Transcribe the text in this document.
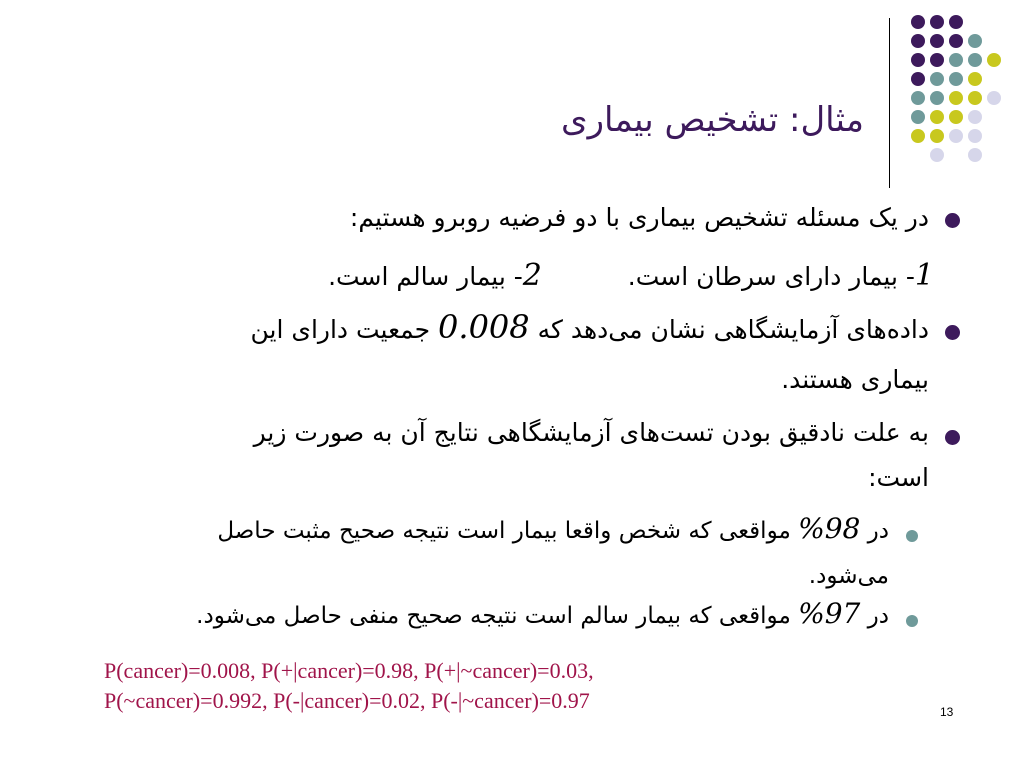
مثال: تشخیص بیماری
در یک مسئله تشخیص بیماری با دو فرضیه روبرو هستیم:
1- بیمار دارای سرطان است.  2- بیمار سالم است.
داده‌های آزمایشگاهی نشان می‌دهد که 0.008 جمعیت دارای این
بیماری هستند.
به علت نادقیق بودن تست‌های آزمایشگاهی نتایج آن به صورت زیر
است:
در 98% مواقعی که شخص واقعا بیمار است نتیجه صحیح مثبت حاصل
می‌شود.
در 97% مواقعی که بیمار سالم است نتیجه صحیح منفی حاصل می‌شود.
P(cancer)=0.008, P(+|cancer)=0.98, P(+|~cancer)=0.03,
P(~cancer)=0.992, P(-|cancer)=0.02, P(-|~cancer)=0.97	13
